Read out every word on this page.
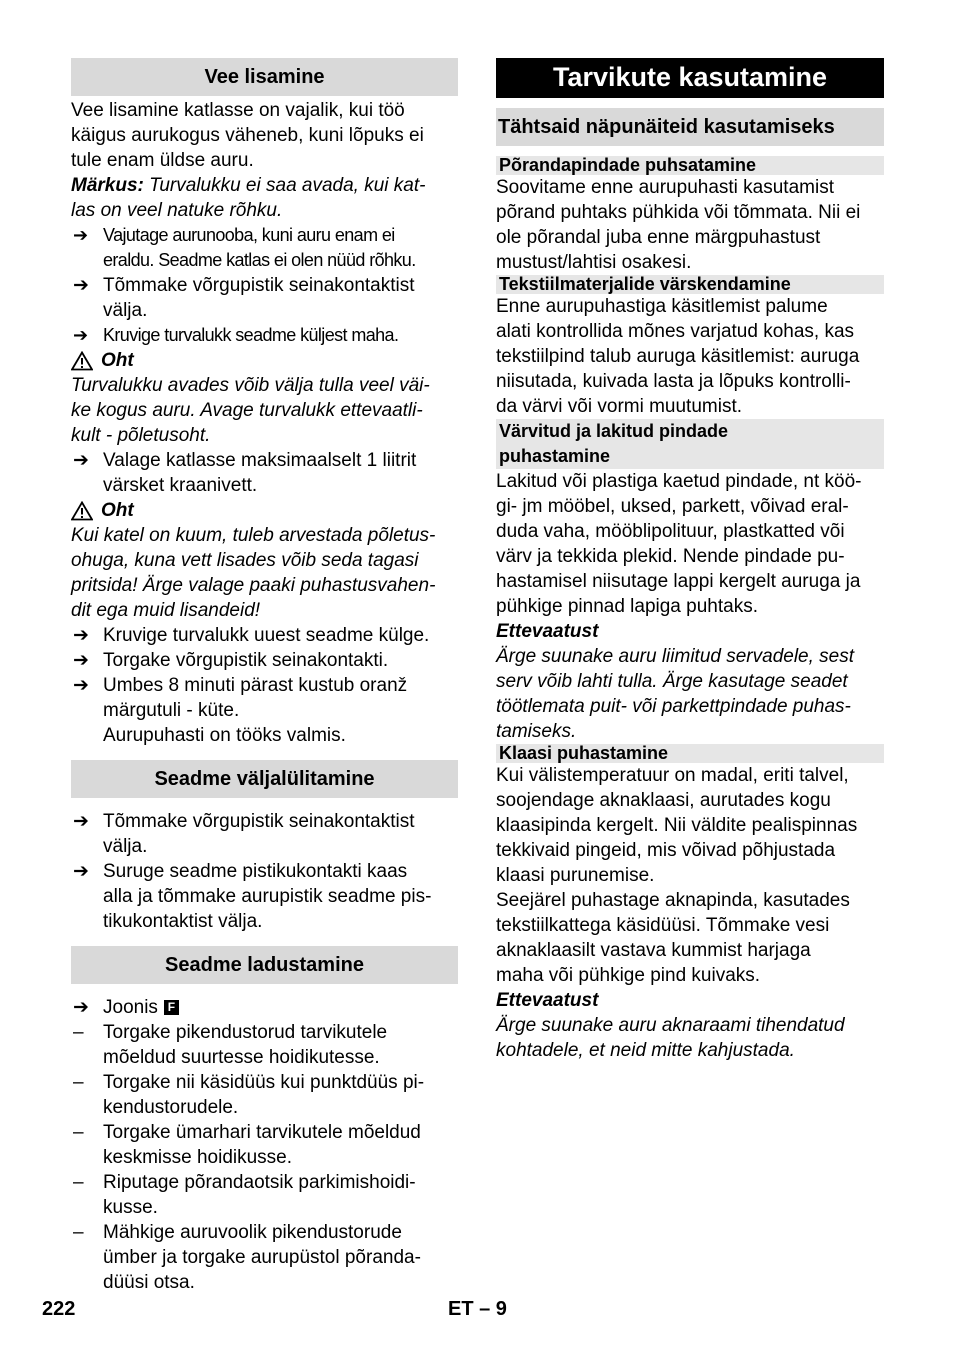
Vee lisamine

Vee lisamine katlasse on vajalik, kui töö

käigus aurukogus väheneb, kuni lõpuks ei

tule enam üldse auru.

Märkus: Turvalukku ei saa avada, kui kat-

las on veel natuke rõhku.

➔ Vajutage aurunooba, kuni auru enam ei

eraldu. Seadme katlas ei olen nüüd rõhku.

➔ Tõmmake võrgupistik seinakontaktist

välja.

➔ Kruvige turvalukk seadme küljest maha.

Oht

Turvalukku avades võib välja tulla veel väi-

ke kogus auru. Avage turvalukk ettevaatli-

kult - põletusoht.

➔ Valage katlasse maksimaalselt 1 liitrit

värsket kraanivett.

Oht

Kui katel on kuum, tuleb arvestada põletus-

ohuga, kuna vett lisades võib seda tagasi

pritsida! Ärge valage paaki puhastusvahen-

dit ega muid lisandeid!

➔ Kruvige turvalukk uuest seadme külge.

➔ Torgake võrgupistik seinakontakti.

➔ Umbes 8 minuti pärast kustub oranž

märgutuli - küte.

Aurupuhasti on tööks valmis.

Seadme väljalülitamine
➔ Tõmmake võrgupistik seinakontaktist

välja.

➔ Suruge seadme pistikukontakti kaas

alla ja tõmmake aurupistik seadme pis-

tikukontaktist välja.

Seadme ladustamine
➔ Joonis F

– Torgake pikendustorud tarvikutele

mõeldud suurtesse hoidikutesse.

– Torgake nii käsidüüs kui punktdüüs pi-

kendustorudele.

– Torgake ümarhari tarvikutele mõeldud

keskmisse hoidikusse.

– Riputage põrandaotsik parkimishoidi-

kusse.

– Mähkige auruvoolik pikendustorude

ümber ja torgake aurupüstol põranda-

düüsi otsa.

Tarvikute kasutamine
Tähtsaid näpunäiteid kasutamiseks
Põrandapindade puhsatamine

Soovitame enne aurupuhasti kasutamist

põrand puhtaks pühkida või tõmmata. Nii ei

ole põrandal juba enne märgpuhastust

mustust/lahtisi osakesi.

Tekstiilmaterjalide värskendamine

Enne aurupuhastiga käsitlemist palume

alati kontrollida mõnes varjatud kohas, kas

tekstiilpind talub auruga käsitlemist: auruga

niisutada, kuivada lasta ja lõpuks kontrolli-

da värvi või vormi muutumist.

Värvitud ja lakitud pindade

puhastamine

Lakitud või plastiga kaetud pindade, nt köö-

gi- jm mööbel, uksed, parkett, võivad eral-

duda vaha, mööblipolituur, plastkatted või

värv ja tekkida plekid. Nende pindade pu-

hastamisel niisutage lappi kergelt auruga ja

pühkige pinnad lapiga puhtaks.

Ettevaatust

Ärge suunake auru liimitud servadele, sest

serv võib lahti tulla. Ärge kasutage seadet

töötlemata puit- või parkettpindade puhas-

tamiseks.

Klaasi puhastamine

Kui välistemperatuur on madal, eriti talvel,

soojendage aknaklaasi, aurutades kogu

klaasipinda kergelt. Nii väldite pealispinnas

tekkivaid pingeid, mis võivad põhjustada

klaasi purunemise.

Seejärel puhastage aknapinda, kasutades

tekstiilkattega käsidüüsi. Tõmmake vesi

aknaklaasilt vastava kummist harjaga

maha või pühkige pind kuivaks.

Ettevaatust

Ärge suunake auru aknaraami tihendatud

kohtadele, et neid mitte kahjustada.

222	ET – 9
